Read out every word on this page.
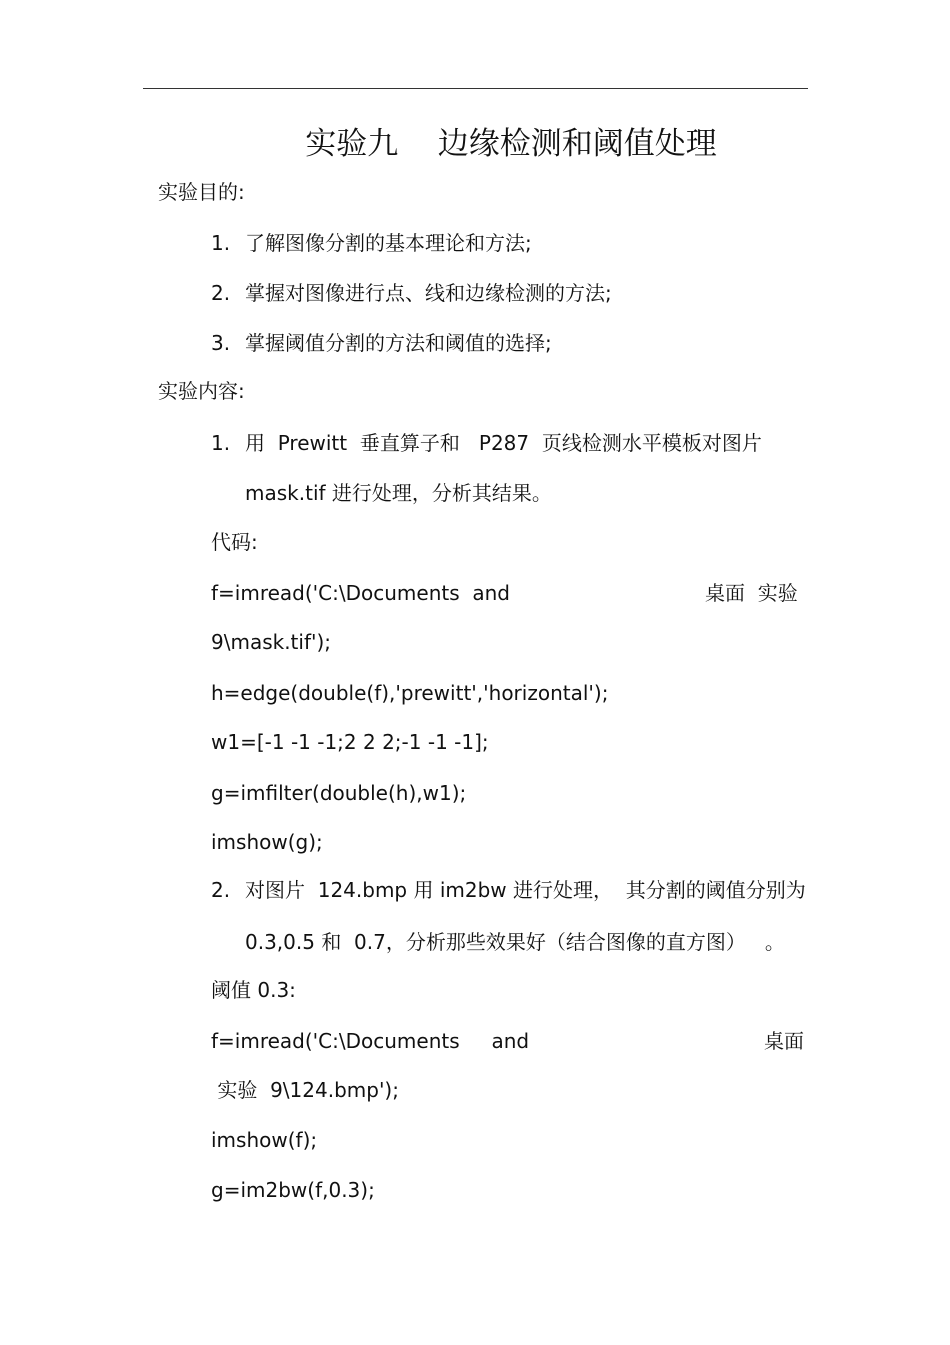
实验九    边缘检测和阈值处理
实验目的:
1. 了解图像分割的基本理论和方法;
2. 掌握对图像进行点、线和边缘检测的方法;
3. 掌握阈值分割的方法和阈值的选择;
实验内容:
1. 用  Prewitt  垂直算子和   P287  页线检测水平模板对图片
mask.tif 进行处理，分析其结果。
代码:
f=imread('C:\Documents  and	桌面  实验
9\mask.tif');
h=edge(double(f),'prewitt','horizontal');
w1=[-1 -1 -1;2 2 2;-1 -1 -1];
g=imfilter(double(h),w1);
imshow(g);
2. 对图片  124.bmp 用 im2bw 进行处理，  其分割的阈值分别为
0.3,0.5 和  0.7，分析那些效果好（结合图像的直方图）   。
阈值 0.3:
f=imread('C:\Documents     and	桌面
实验  9\124.bmp');
imshow(f);
g=im2bw(f,0.3);
